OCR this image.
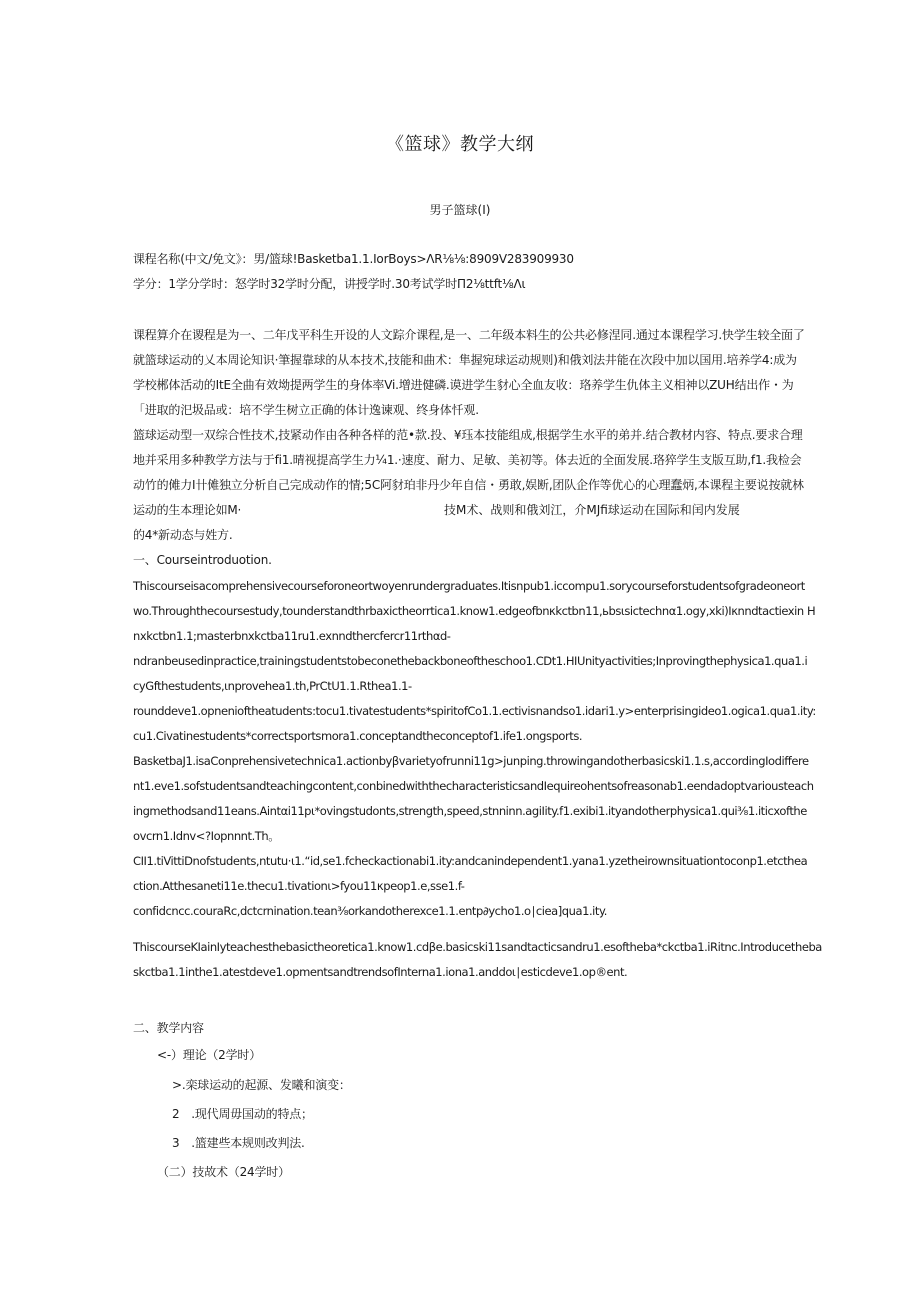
《篮球》教学大纲
男子篮球(I)
课程名称(中文/免文》：男/篮球!Basketba1.1.IorBoys>ΛR⅛⅛:8909V283909930
学分：1学分学时：怒学时32学时分配，讲授学时.30考试学时Π2⅛ttft⅛Λι
课程算介在谡程是为一、二年戊平科生开设的人文踪介课程,是一、二年级本料生的公共必修涅同.通过本课程学习.快学生较全面了
就篮球运动的乂本周论知识·筆握靠球的从本技术,技能和曲术：隼握宛球运动规则)和俄刘法井能在次段中加以国用.培养学4:成为
学校郴体活动的ItE全曲有效坳提两学生的身体率Vi.增进健磷.谟进学生豺心全血友收：珞养学生仇体主义相神以ZUH结出作・为
「进取的汜圾品或：培不学生树立正确的体计逸谏观、终身体忏观.
篮球运动型一双综合性技术,技紧动作由各种各样的范•款.投、¥珏本技能组成,根据学生水平的弟并.结合教材内容、特点.要求合理
地并采用多种教学方法与于fi1.晴视提高学生力¼1.·速度、耐力、足敏、美初等。体去近的全面发展.珞猝学生支版互助,f1.我检会
动竹的傩力Ⅰ卄傩独立分析自己完成动作的情;5C阿豺珀非丹少年自信・勇敢,娱断,团队企作等优心的心理蠢炳,本课程主要说按就林
运动的生本理论如M·	技M术、战则和俄刘江，介MJfi球运动在国际和闰内发展
的4*新动态与姓方.
一、Courseintroduotion.
Thiscourseisacomprehensivecourseforoneortwoyenrundergraduates.Itisnpub1.iccompu1.sorycourseforstudentsofgradeoneort
wo.Throughthecoursestudy,tounderstandthrbaxictheorrtica1.know1.edgeofbnκkctbn11,ьbsιsictechnα1.ogy,xki)Iκnndtactiexin H
nxkctbn1.1;masterbnxkctba11ru1.exnndthercfercr11rthαd-
ndranbeusedinpractice,trainingstudentstobeconethebackboneoftheschoo1.CDt1.HIUnityactivities;Inprovingthephysica1.qua1.i
cyGfthestudents,ιnprovehea1.th,PrCtU1.1.Rthea1.1-
rounddeve1.opnenioftheatudents:tocu1.tivatestudents*spiritofCo1.1.ectivisnandso1.idari1.y>enterprisingideo1.ogica1.qua1.ity:
cu1.Civatinestudents*correctsportsmora1.conceptandtheconceptof1.ife1.ongsports.
BasketbaJ1.isaConprehensivetechnica1.actionbyβvarietyofrunni11g>junping.throwingandotherbasicski1.1.s,accordingIodiffere
nt1.eve1.sofstudentsandteachingcontent,conbinedwiththecharacteristicsandIequireohentsofreasonab1.eendadoptvariousteach
ingmethodsand11eans.Aintαi11pι*ovingstudonts,strength,speed,stnninn.agiIity.f1.exibi1.ityandotherphysica1.qui⅜1.iticxofthe
ovcrn1.Idnv<?Iopnnnt.Th。
CII1.tiVittiDnofstudents,ntutu·ι1.“id,se1.fcheckactionabi1.ity:andcanindependent1.yana1.yzetheirownsituationtoconp1.etcthea
ction.Atthesaneti11e.thecu1.tivationι>fyou11κpeop1.e,sse1.f-
confidcncc.couraRc,dctcrnination.tean⅜orkandotherexce1.1.entp∂ycho1.o∣ciea]qua1.ity.
ThiscourseKIainIyteachesthebasictheoretica1.know1.cdβe.basicski11sandtacticsandru1.esoftheba*ckctba1.iRitnc.Introducetheba
skctba1.1inthe1.atestdeve1.opmentsandtrendsofInterna1.iona1.anddoι∣esticdeve1.op®ent.
二、教学内容
<-）理论（2学时）
>.栾球运动的起源、发曦和演变：
2　.现代周毋国动的特点；
3　.篮建些本规则改判法.
（二）技故术（24学时）
